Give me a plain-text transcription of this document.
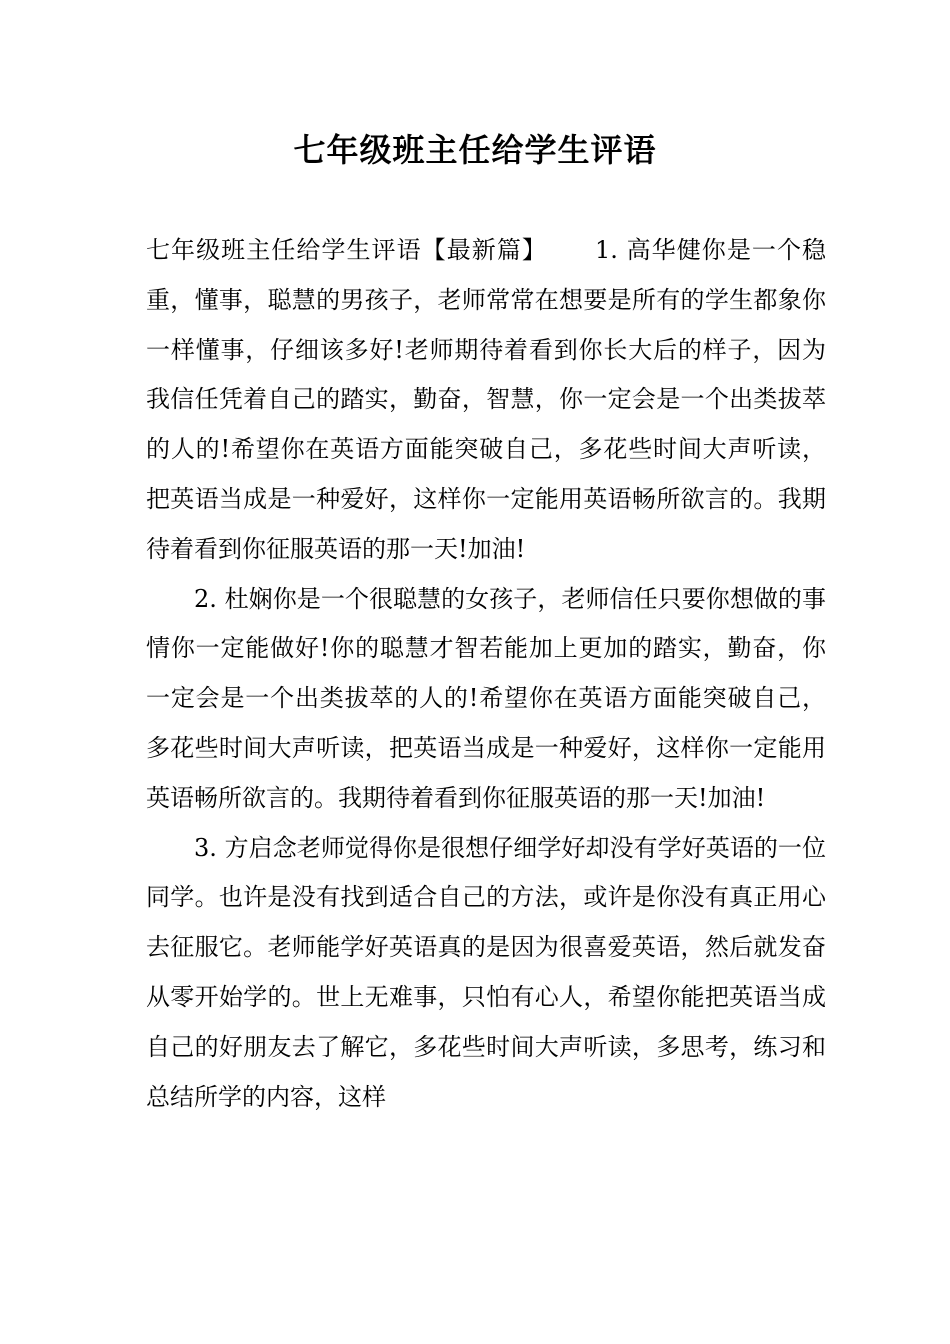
七年级班主任给学生评语

七年级班主任给学生评语【最新篇】 1. 高华健你是一个稳重，懂事，聪慧的男孩子，老师常常在想要是所有的学生都象你一样懂事，仔细该多好!老师期待着看到你长大后的样子，因为我信任凭着自己的踏实，勤奋，智慧，你一定会是一个出类拔萃的人的!希望你在英语方面能突破自己，多花些时间大声听读，把英语当成是一种爱好，这样你一定能用英语畅所欲言的。我期待着看到你征服英语的那一天!加油!

2. 杜娴你是一个很聪慧的女孩子，老师信任只要你想做的事情你一定能做好!你的聪慧才智若能加上更加的踏实，勤奋，你一定会是一个出类拔萃的人的!希望你在英语方面能突破自己，多花些时间大声听读，把英语当成是一种爱好，这样你一定能用英语畅所欲言的。我期待着看到你征服英语的那一天!加油!

3. 方启念老师觉得你是很想仔细学好却没有学好英语的一位同学。也许是没有找到适合自己的方法，或许是你没有真正用心去征服它。老师能学好英语真的是因为很喜爱英语，然后就发奋从零开始学的。世上无难事，只怕有心人，希望你能把英语当成自己的好朋友去了解它，多花些时间大声听读，多思考，练习和总结所学的内容，这样
